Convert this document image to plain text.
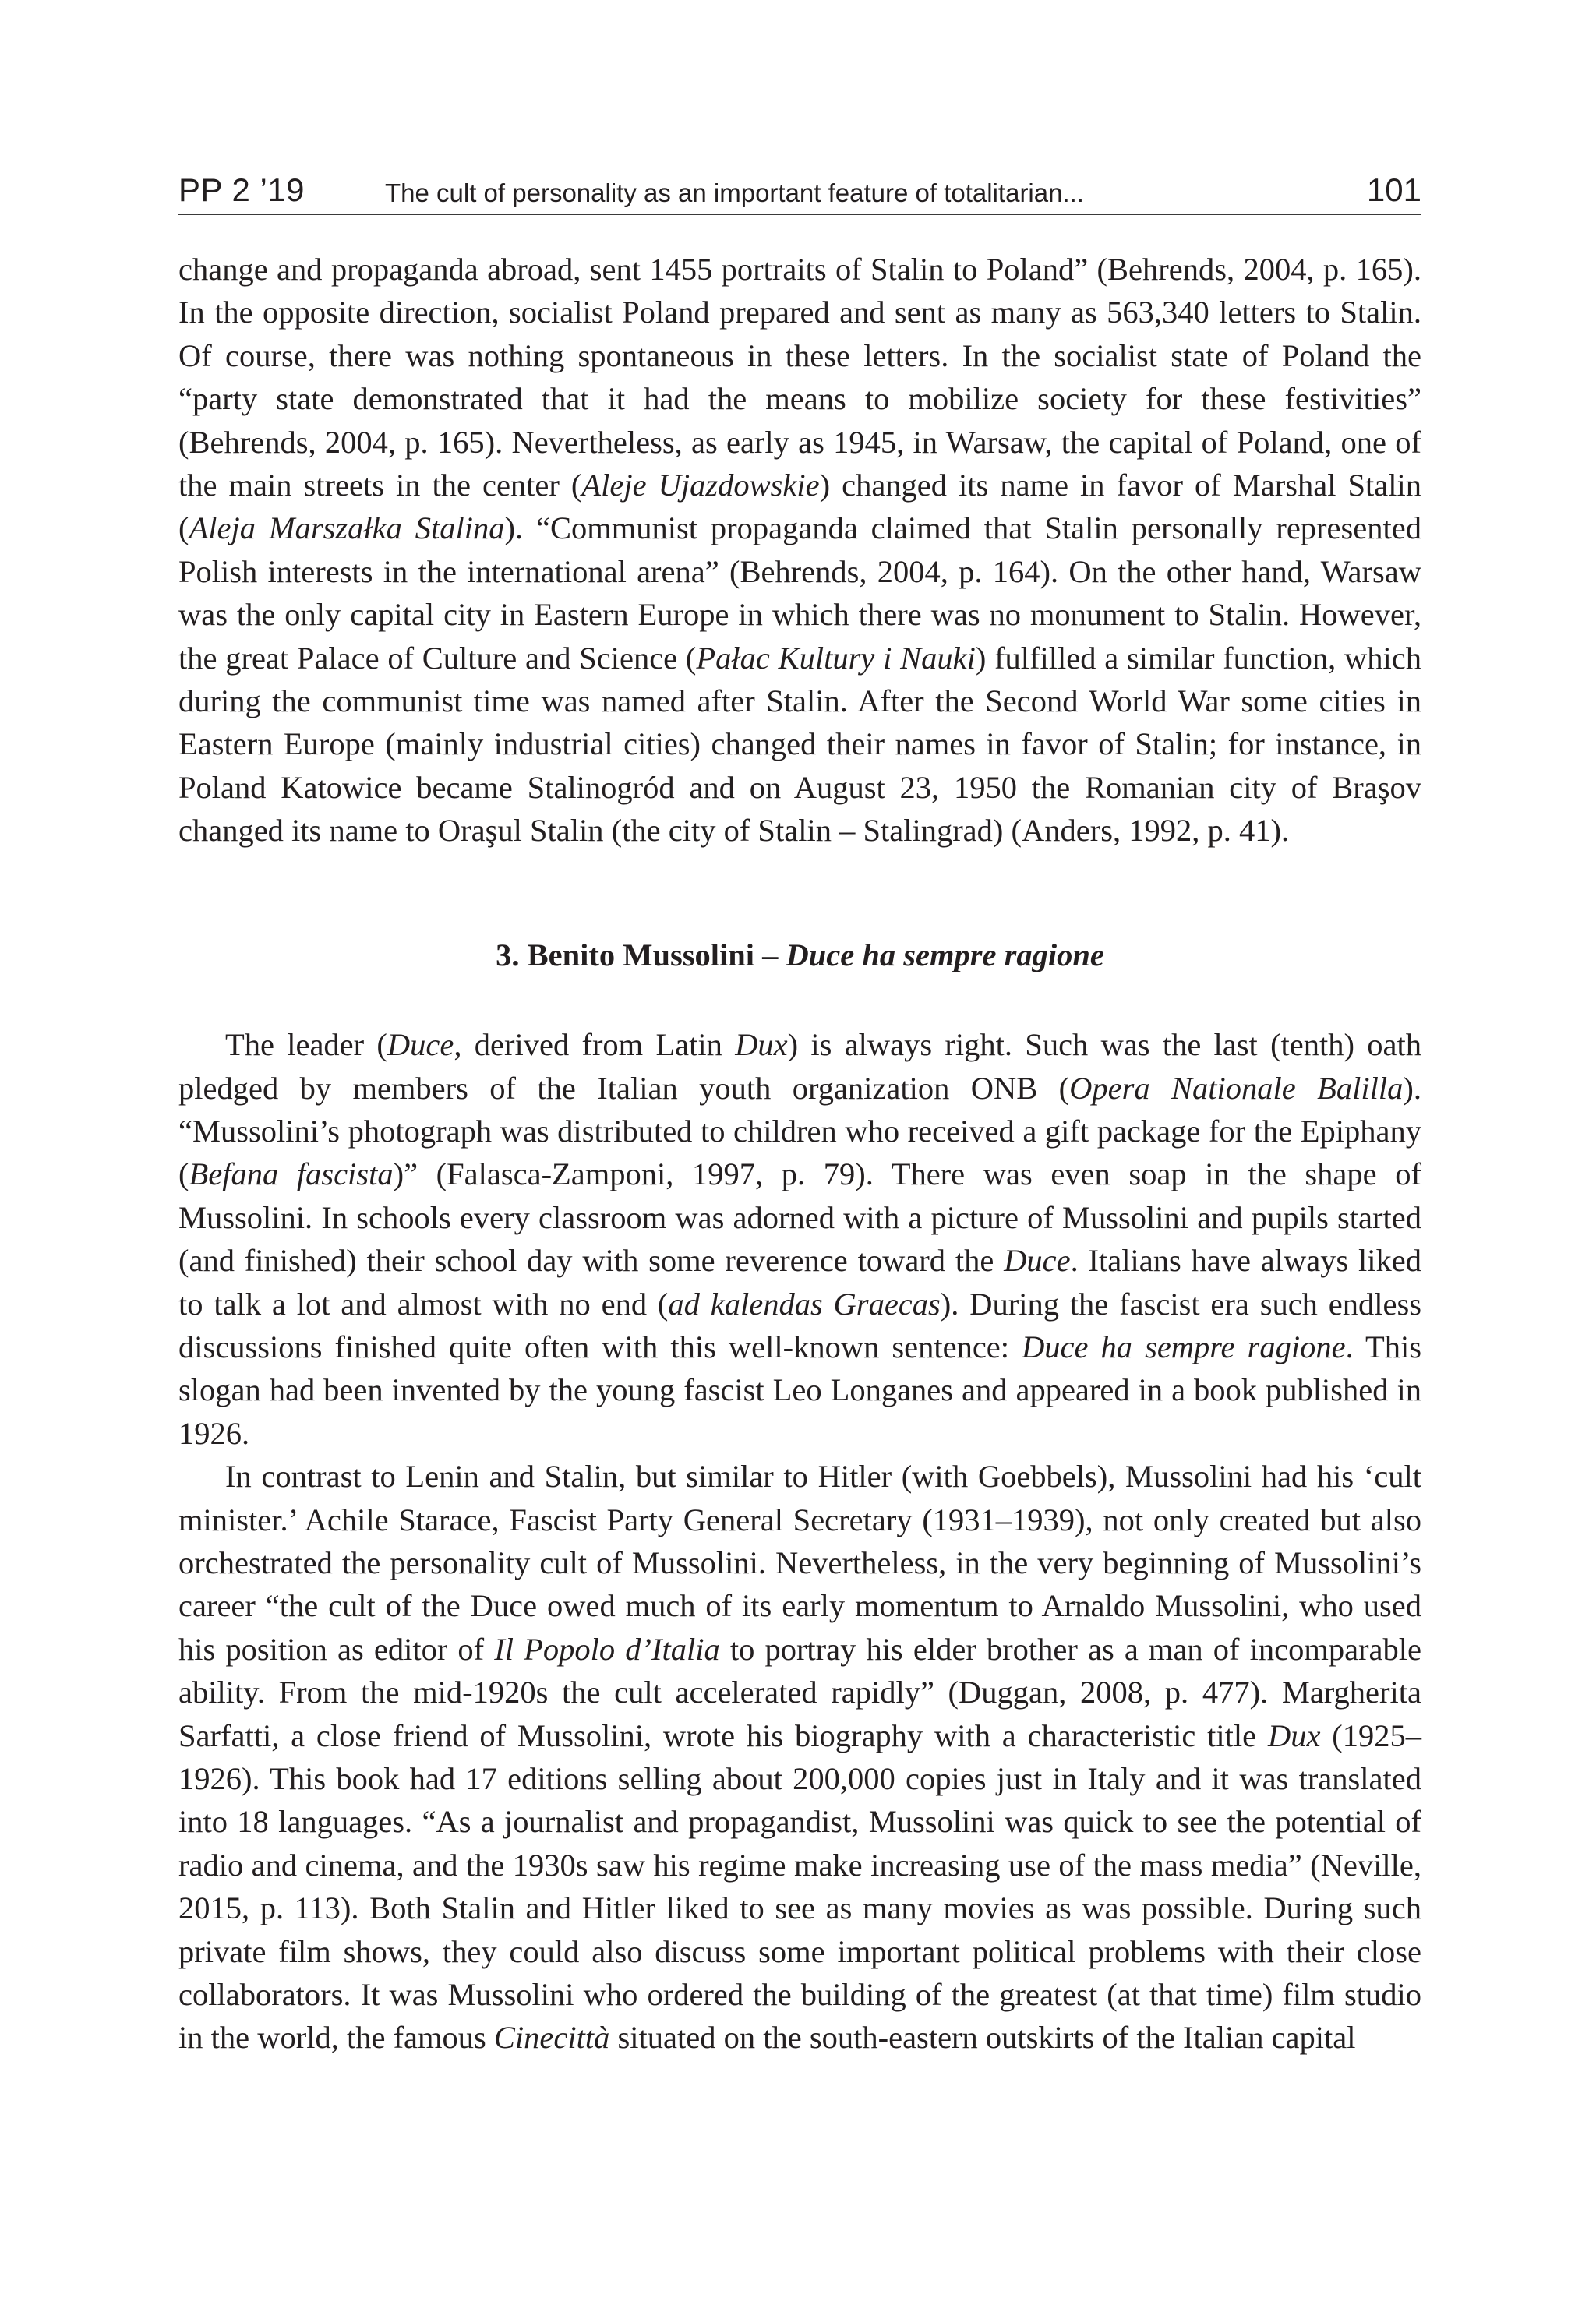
PP 2 ’19	The cult of personality as an important feature of totalitarian...	101

change and propaganda abroad, sent 1455 portraits of Stalin to Poland” (Behrends, 2004, p. 165). In the opposite direction, socialist Poland prepared and sent as many as 563,340 letters to Stalin. Of course, there was nothing spontaneous in these letters. In the socialist state of Poland the “party state demonstrated that it had the means to mobilize society for these festivities” (Behrends, 2004, p. 165). Nevertheless, as early as 1945, in Warsaw, the capital of Poland, one of the main streets in the center (Aleje Ujazdowskie) changed its name in favor of Marshal Stalin (Aleja Marszałka Stalina). “Communist propaganda claimed that Stalin personally represented Polish interests in the international arena” (Behrends, 2004, p. 164). On the other hand, Warsaw was the only capital city in Eastern Europe in which there was no monument to Stalin. However, the great Palace of Culture and Science (Pałac Kultury i Nauki) fulfilled a similar function, which during the communist time was named after Stalin. After the Second World War some cities in Eastern Europe (mainly industrial cities) changed their names in favor of Stalin; for instance, in Poland Katowice became Stalinogród and on August 23, 1950 the Romanian city of Braşov changed its name to Oraşul Stalin (the city of Stalin – Stalingrad) (Anders, 1992, p. 41).

3. Benito Mussolini – Duce ha sempre ragione

The leader (Duce, derived from Latin Dux) is always right. Such was the last (tenth) oath pledged by members of the Italian youth organization ONB (Opera Nationale Balilla). “Mussolini’s photograph was distributed to children who received a gift package for the Epiphany (Befana fascista)” (Falasca-Zamponi, 1997, p. 79). There was even soap in the shape of Mussolini. In schools every classroom was adorned with a picture of Mussolini and pupils started (and finished) their school day with some reverence toward the Duce. Italians have always liked to talk a lot and almost with no end (ad kalendas Graecas). During the fascist era such endless discussions finished quite often with this well-known sentence: Duce ha sempre ragione. This slogan had been invented by the young fascist Leo Longanes and appeared in a book published in 1926.

In contrast to Lenin and Stalin, but similar to Hitler (with Goebbels), Mussolini had his ‘cult minister.’ Achile Starace, Fascist Party General Secretary (1931–1939), not only created but also orchestrated the personality cult of Mussolini. Nevertheless, in the very beginning of Mussolini’s career “the cult of the Duce owed much of its early momentum to Arnaldo Mussolini, who used his position as editor of Il Popolo d’Italia to portray his elder brother as a man of incomparable ability. From the mid-1920s the cult accelerated rapidly” (Duggan, 2008, p. 477). Margherita Sarfatti, a close friend of Mussolini, wrote his biography with a characteristic title Dux (1925–1926). This book had 17 editions selling about 200,000 copies just in Italy and it was translated into 18 languages. “As a journalist and propagandist, Mussolini was quick to see the potential of radio and cinema, and the 1930s saw his regime make increasing use of the mass media” (Neville, 2015, p. 113). Both Stalin and Hitler liked to see as many movies as was possible. During such private film shows, they could also discuss some important political problems with their close collaborators. It was Mussolini who ordered the building of the greatest (at that time) film studio in the world, the famous Cinecittà situated on the south-eastern outskirts of the Italian capital
